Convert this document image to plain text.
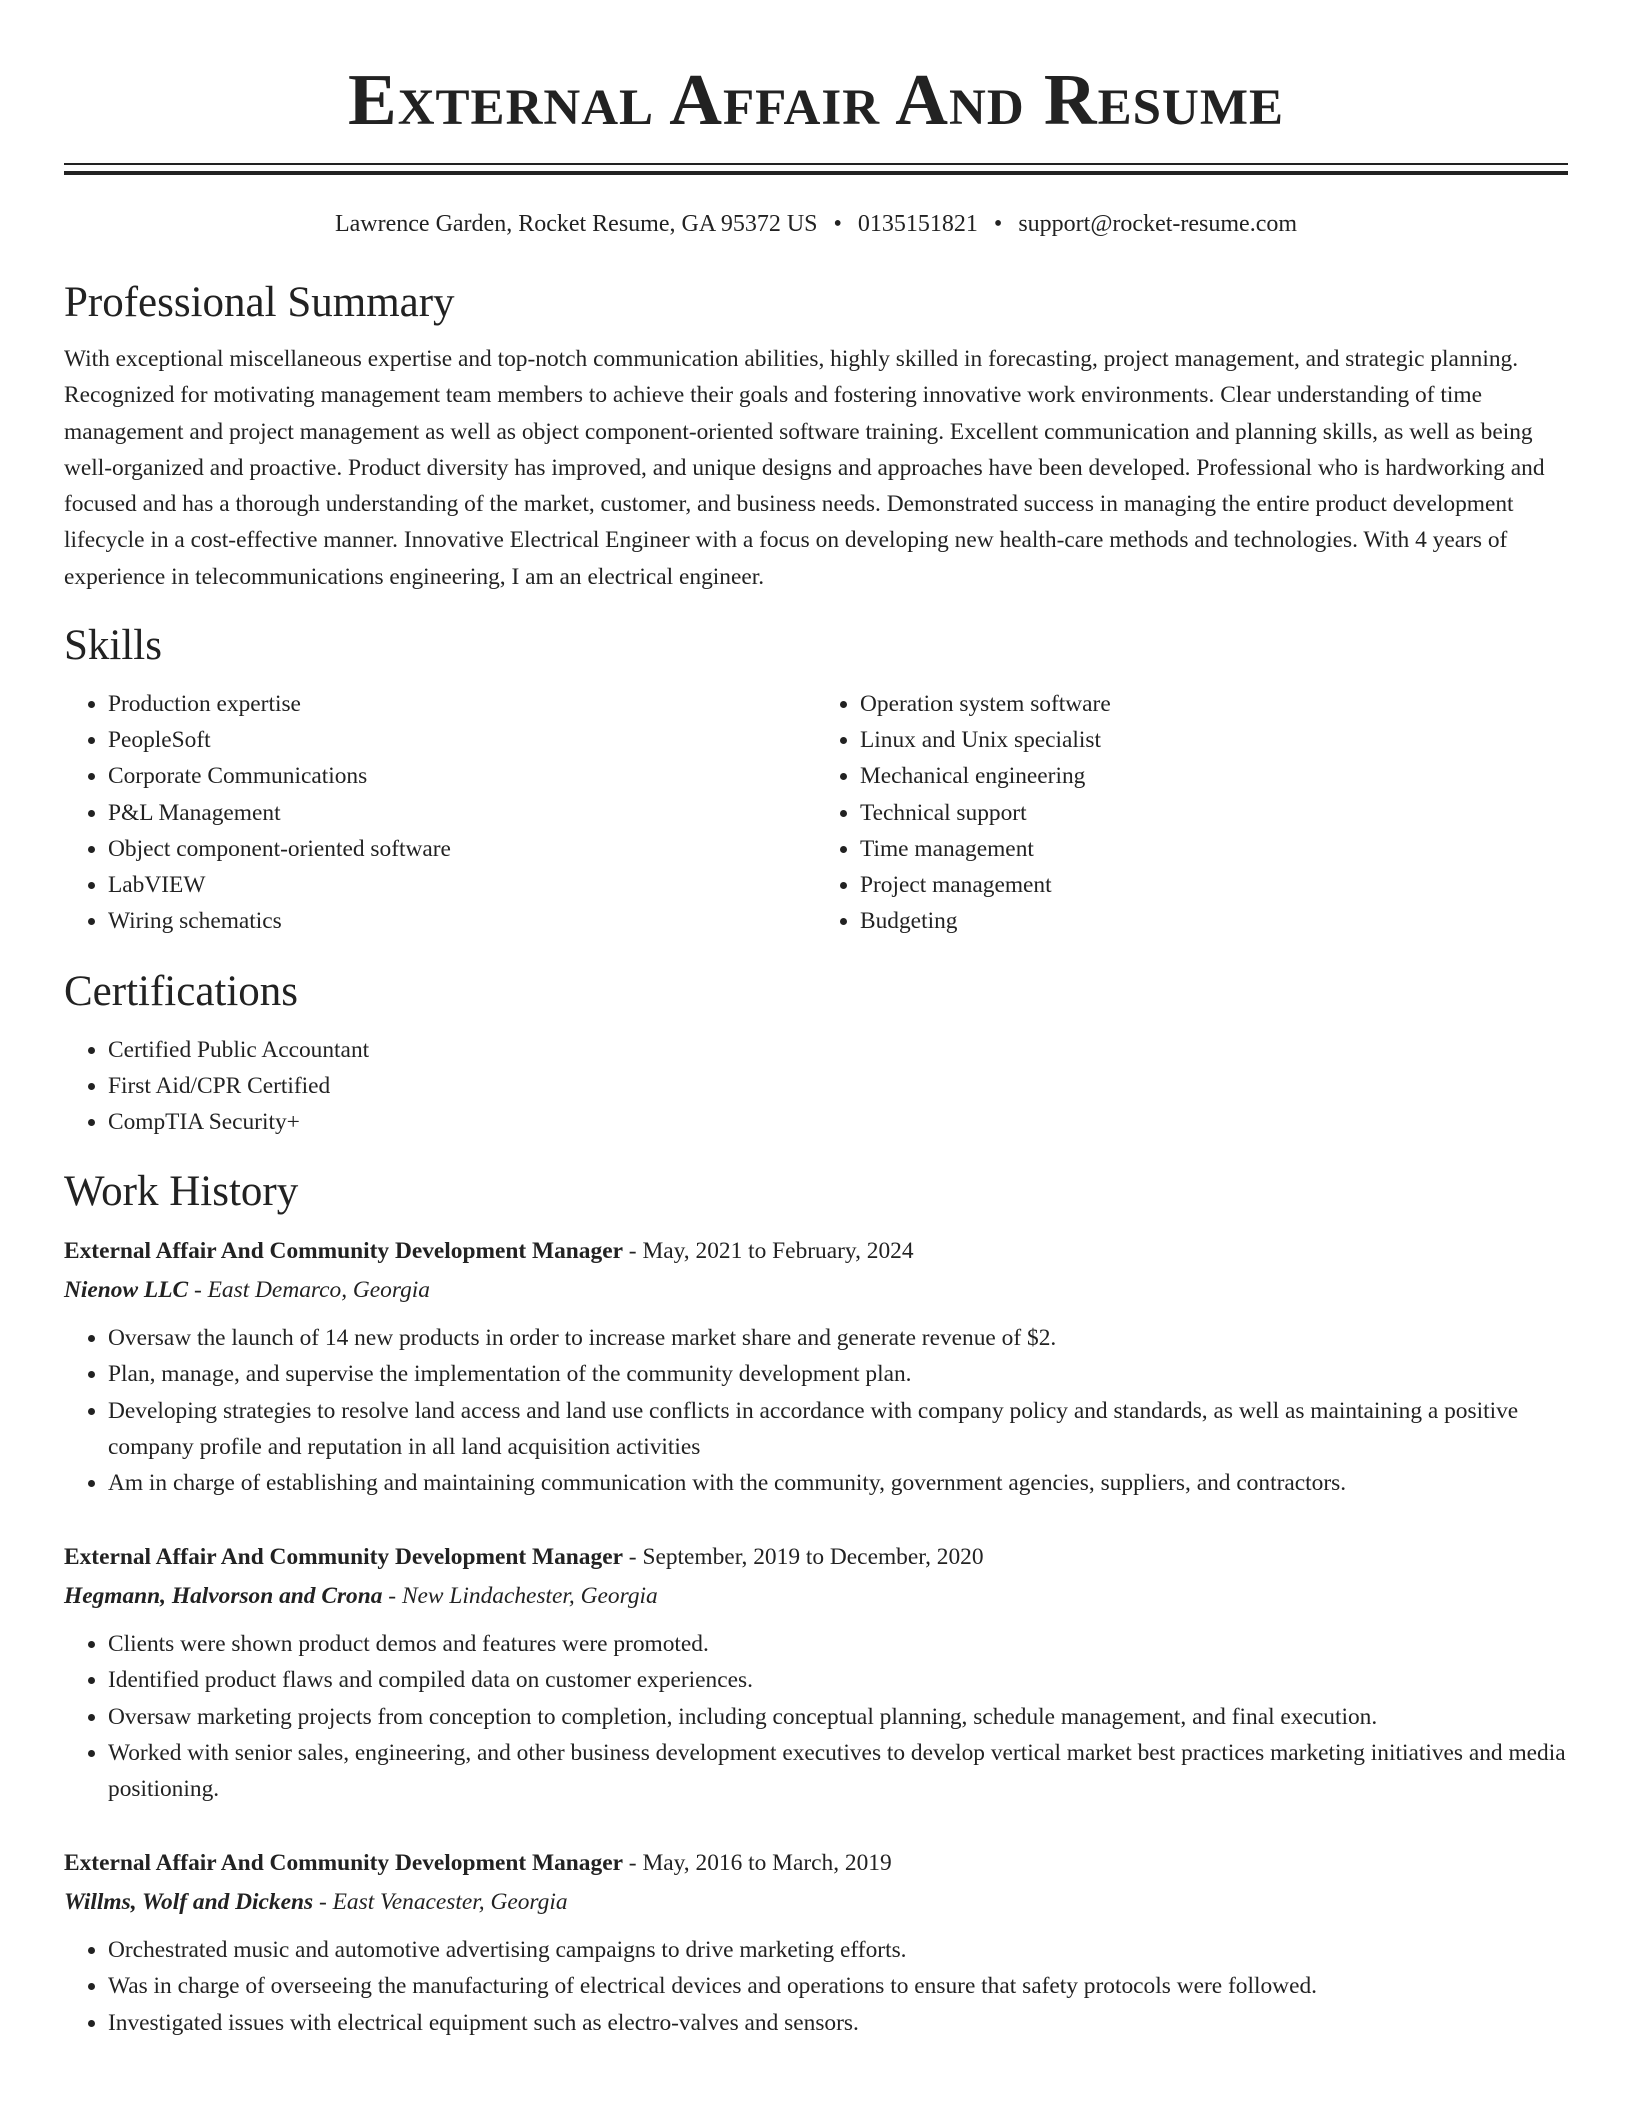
External Affair And Resume
Lawrence Garden, Rocket Resume, GA 95372 US • 0135151821 • support@rocket-resume.com
Professional Summary

With exceptional miscellaneous expertise and top-notch communication abilities, highly skilled in forecasting, project management, and strategic planning. Recognized for motivating management team members to achieve their goals and fostering innovative work environments. Clear understanding of time management and project management as well as object component-oriented software training. Excellent communication and planning skills, as well as being well-organized and proactive. Product diversity has improved, and unique designs and approaches have been developed. Professional who is hardworking and focused and has a thorough understanding of the market, customer, and business needs. Demonstrated success in managing the entire product development lifecycle in a cost-effective manner. Innovative Electrical Engineer with a focus on developing new health-care methods and technologies. With 4 years of experience in telecommunications engineering, I am an electrical engineer.

Skills
• Production expertise
• PeopleSoft
• Corporate Communications
• P&L Management
• Object component-oriented software
• LabVIEW
• Wiring schematics
• Operation system software
• Linux and Unix specialist
• Mechanical engineering
• Technical support
• Time management
• Project management
• Budgeting
Certifications
• Certified Public Accountant
• First Aid/CPR Certified
• CompTIA Security+
Work History
External Affair And Community Development Manager - May, 2021 to February, 2024
Nienow LLC - East Demarco, Georgia
• Oversaw the launch of 14 new products in order to increase market share and generate revenue of $2.
• Plan, manage, and supervise the implementation of the community development plan.
• Developing strategies to resolve land access and land use conflicts in accordance with company policy and standards, as well as maintaining a positive company profile and reputation in all land acquisition activities
• Am in charge of establishing and maintaining communication with the community, government agencies, suppliers, and contractors.
External Affair And Community Development Manager - September, 2019 to December, 2020
Hegmann, Halvorson and Crona - New Lindachester, Georgia
• Clients were shown product demos and features were promoted.
• Identified product flaws and compiled data on customer experiences.
• Oversaw marketing projects from conception to completion, including conceptual planning, schedule management, and final execution.
• Worked with senior sales, engineering, and other business development executives to develop vertical market best practices marketing initiatives and media positioning.
External Affair And Community Development Manager - May, 2016 to March, 2019
Willms, Wolf and Dickens - East Venacester, Georgia
• Orchestrated music and automotive advertising campaigns to drive marketing efforts.
• Was in charge of overseeing the manufacturing of electrical devices and operations to ensure that safety protocols were followed.
• Investigated issues with electrical equipment such as electro-valves and sensors.
